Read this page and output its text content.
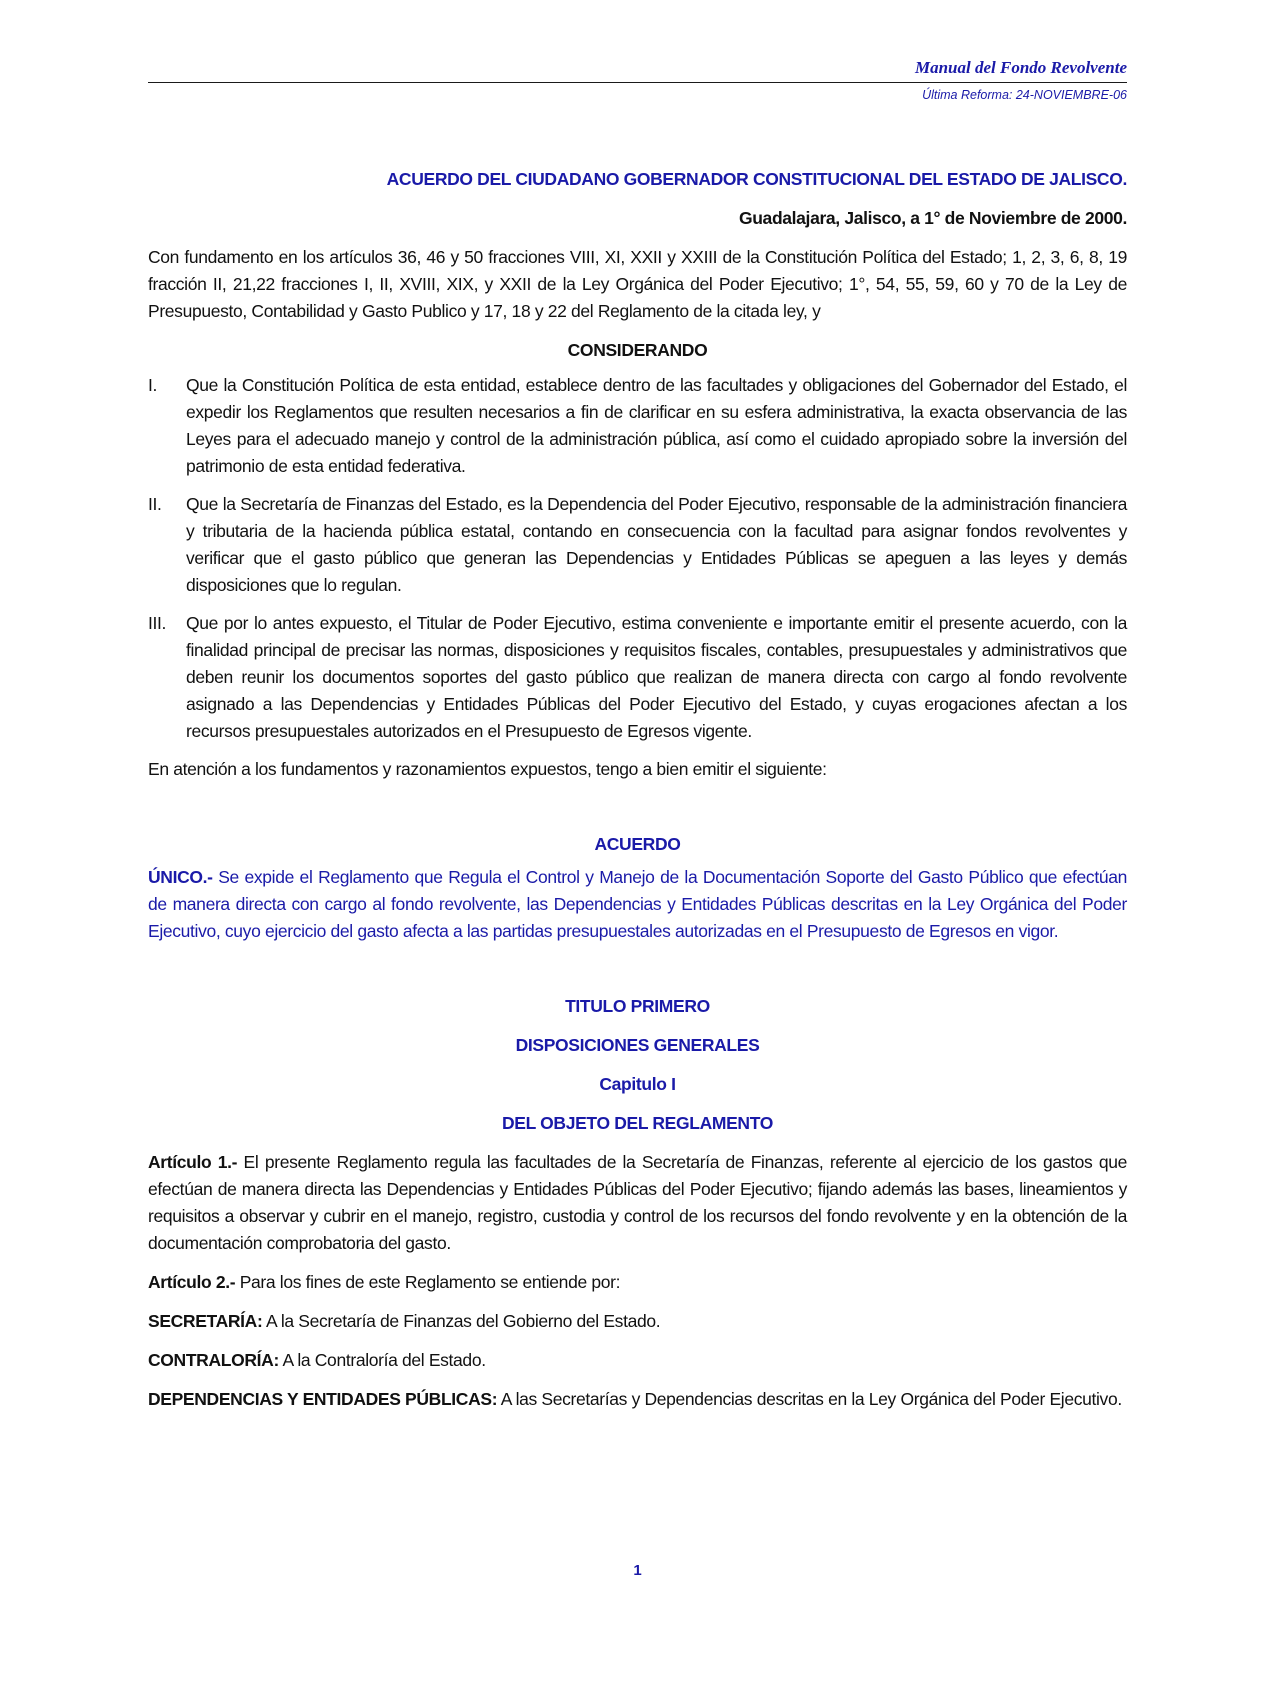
Manual del Fondo Revolvente
Última Reforma: 24-NOVIEMBRE-06

ACUERDO DEL CIUDADANO GOBERNADOR CONSTITUCIONAL DEL ESTADO DE JALISCO.

Guadalajara, Jalisco, a 1° de Noviembre de 2000.

Con fundamento en los artículos 36, 46 y 50 fracciones VIII, XI, XXII y XXIII de la Constitución Política del Estado; 1, 2, 3, 6, 8, 19 fracción II, 21,22 fracciones I, II, XVIII, XIX, y XXII de la Ley Orgánica del Poder Ejecutivo; 1°, 54, 55, 59, 60 y 70 de la Ley de Presupuesto, Contabilidad y Gasto Publico y 17, 18 y 22 del Reglamento de la citada ley, y

CONSIDERANDO

I.	Que la Constitución Política de esta entidad, establece dentro de las facultades y obligaciones del Gobernador del Estado, el expedir los Reglamentos que resulten necesarios a fin de clarificar en su esfera administrativa, la exacta observancia de las Leyes para el adecuado manejo y control de la administración pública, así como el cuidado apropiado sobre la inversión del patrimonio de esta entidad federativa.
II.	Que la Secretaría de Finanzas del Estado, es la Dependencia del Poder Ejecutivo, responsable de la administración financiera y tributaria de la hacienda pública estatal, contando en consecuencia con la facultad para asignar fondos revolventes y verificar que el gasto público que generan las Dependencias y Entidades Públicas se apeguen a las leyes y demás disposiciones que lo regulan.
III.	Que por lo antes expuesto, el Titular de Poder Ejecutivo, estima conveniente e importante emitir el presente acuerdo, con la finalidad principal de precisar las normas, disposiciones y requisitos fiscales, contables, presupuestales y administrativos que deben reunir los documentos soportes del gasto público que realizan de manera directa con cargo al fondo revolvente asignado a las Dependencias y Entidades Públicas del Poder Ejecutivo del Estado, y cuyas erogaciones afectan a los recursos presupuestales autorizados en el Presupuesto de Egresos vigente.

En atención a los fundamentos y razonamientos expuestos, tengo a bien emitir el siguiente:

ACUERDO

ÚNICO.- Se expide el Reglamento que Regula el Control y Manejo de la Documentación Soporte del Gasto Público que efectúan de manera directa con cargo al fondo revolvente, las Dependencias y Entidades Públicas descritas en la Ley Orgánica del Poder Ejecutivo, cuyo ejercicio del gasto afecta a las partidas presupuestales autorizadas en el Presupuesto de Egresos en vigor.

TITULO PRIMERO

DISPOSICIONES GENERALES

Capitulo I

DEL OBJETO DEL REGLAMENTO

Artículo 1.- El presente Reglamento regula las facultades de la Secretaría de Finanzas, referente al ejercicio de los gastos que efectúan de manera directa las Dependencias y Entidades Públicas del Poder Ejecutivo; fijando además las bases, lineamientos y requisitos a observar y cubrir en el manejo, registro, custodia y control de los recursos del fondo revolvente y en la obtención de la documentación comprobatoria del gasto.

Artículo 2.- Para los fines de este Reglamento se entiende por:

SECRETARÍA: A la Secretaría de Finanzas del Gobierno del Estado.

CONTRALORÍA: A la Contraloría del Estado.

DEPENDENCIAS Y ENTIDADES PÚBLICAS: A las Secretarías y Dependencias descritas en la Ley Orgánica del Poder Ejecutivo.

1
